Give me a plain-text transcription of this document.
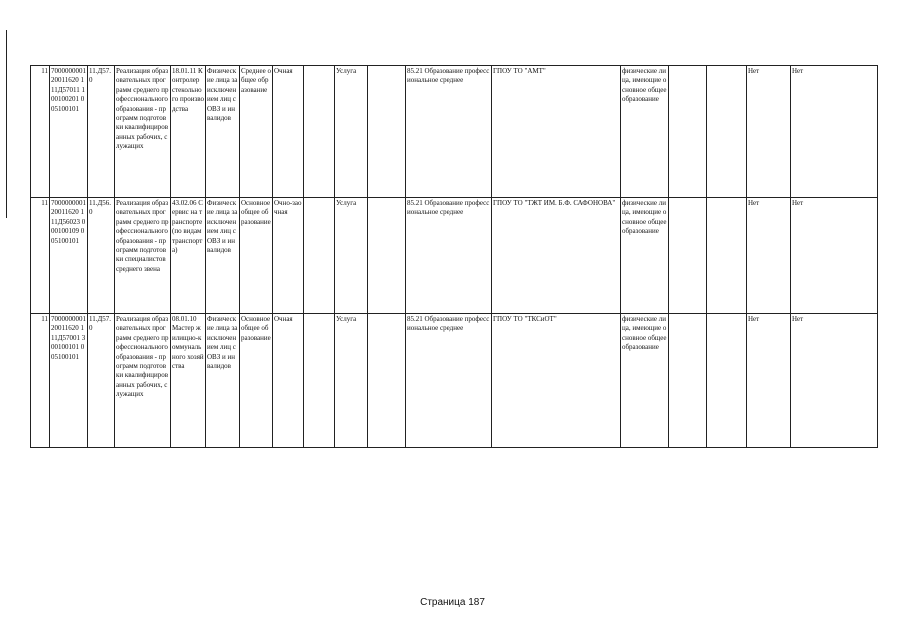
11	700000000120011620 111Д57011 100100201 005100101	11.Д57.0	Реализация образовательных программ среднего профессионального образования - программ подготовки квалифицированных рабочих, служащих	18.01.11 Контролер стекольного производства	Физические лица за исключением лиц с ОВЗ и инвалидов	Среднее общее образование	Очная		Услуга		85.21 Образование профессиональное среднее	ГПОУ ТО "АМТ"	физические лица, имеющие основное общее образование			Нет	Нет

11	700000000120011620 111Д56023 000100109 005100101	11.Д56.0	Реализация образовательных программ среднего профессионального образования - программ подготовки специалистов среднего звена	43.02.06 Сервис на транспорте (по видам транспорта)	Физические лица за исключением лиц с ОВЗ и инвалидов	Основное общее образование	Очно-заочная		Услуга		85.21 Образование профессиональное среднее	ГПОУ ТО "ТЖТ ИМ. Б.Ф. САФОНОВА"	физические лица, имеющие основное общее образование			Нет	Нет

11	700000000120011620 111Д57001 300100101 005100101	11.Д57.0	Реализация образовательных программ среднего профессионального образования - программ подготовки квалифицированных рабочих, служащих	08.01.10 Мастер жилищно-коммунального хозяйства	Физические лица за исключением лиц с ОВЗ и инвалидов	Основное общее образование	Очная		Услуга		85.21 Образование профессиональное среднее	ГПОУ ТО "ТКСиОТ"	физические лица, имеющие основное общее образование			Нет	Нет
Страница 187
